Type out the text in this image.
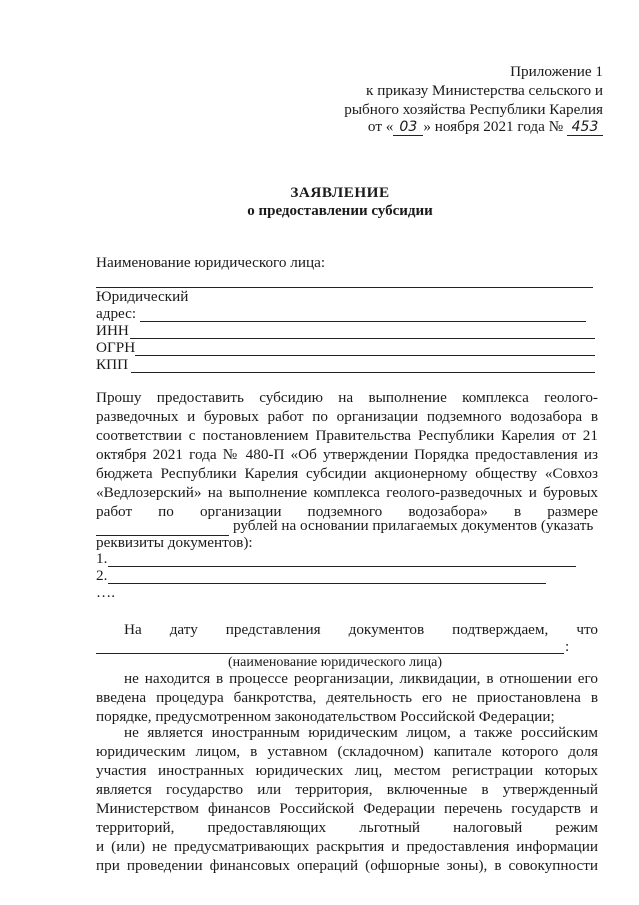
Приложение 1
к приказу Министерства сельского и
рыбного хозяйства Республики Карелия
от « 03 » ноября 2021 года № 453
ЗАЯВЛЕНИЕ
о предоставлении субсидии
Наименование юридического лица:
Юридический
адрес:
ИНН
ОГРН
КПП
Прошу предоставить субсидию на выполнение комплекса геолого-
разведочных и буровых работ по организации подземного водозабора в
соответствии с постановлением Правительства Республики Карелия от 21
октября 2021 года № 480-П «Об утверждении Порядка предоставления из
бюджета Республики Карелия субсидии акционерному обществу «Совхоз
«Ведлозерский» на выполнение комплекса геолого-разведочных и буровых
работ по организации подземного водозабора» в размере
рублей на основании прилагаемых документов (указать
реквизиты документов):
1.
2.
….
На дату представления документов подтверждаем, что
:
(наименование юридического лица)
не находится в процессе реорганизации, ликвидации, в отношении его
введена процедура банкротства, деятельность его не приостановлена в
порядке, предусмотренном законодательством Российской Федерации;
не является иностранным юридическим лицом, а также российским
юридическим лицом, в уставном (складочном) капитале которого доля
участия иностранных юридических лиц, местом регистрации которых
является государство или территория, включенные в утвержденный
Министерством финансов Российской Федерации перечень государств и
территорий, предоставляющих льготный налоговый режим
и (или) не предусматривающих раскрытия и предоставления информации
при проведении финансовых операций (офшорные зоны), в совокупности
